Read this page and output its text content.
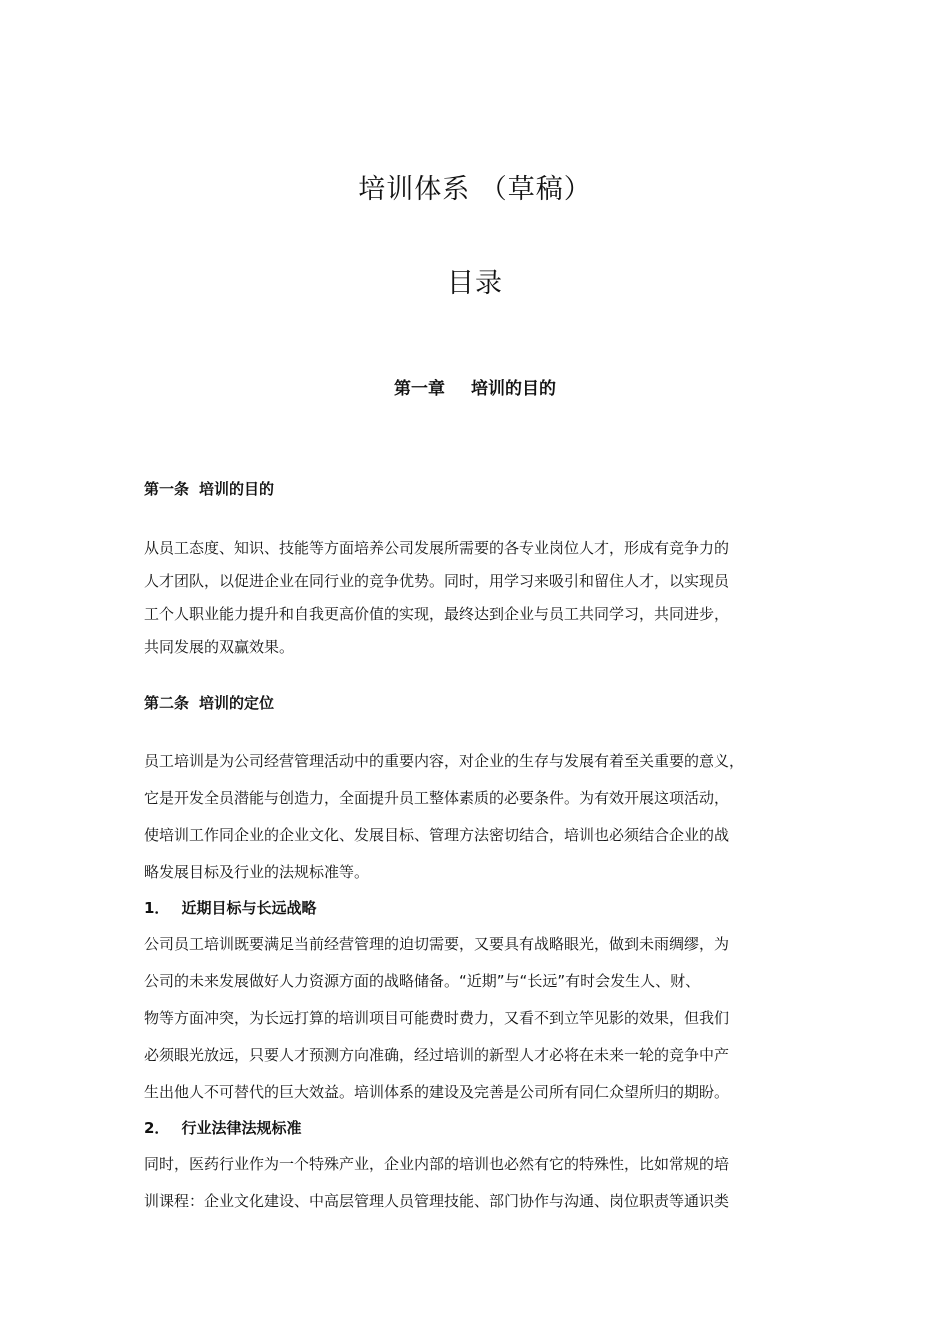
培训体系 （草稿）
目录
第一章 培训的目的

第一条 培训的目的

从员工态度、知识、技能等方面培养公司发展所需要的各专业岗位人才，形成有竞争力的

人才团队，以促进企业在同行业的竞争优势。同时，用学习来吸引和留住人才，以实现员

工个人职业能力提升和自我更高价值的实现，最终达到企业与员工共同学习，共同进步，

共同发展的双赢效果。

第二条 培训的定位

员工培训是为公司经营管理活动中的重要内容，对企业的生存与发展有着至关重要的意义，

它是开发全员潜能与创造力，全面提升员工整体素质的必要条件。为有效开展这项活动，

使培训工作同企业的企业文化、发展目标、管理方法密切结合，培训也必须结合企业的战

略发展目标及行业的法规标准等。

1． 近期目标与长远战略

公司员工培训既要满足当前经营管理的迫切需要，又要具有战略眼光，做到未雨绸缪，为

公司的未来发展做好人力资源方面的战略储备。“近期”与“长远”有时会发生人、财、

物等方面冲突，为长远打算的培训项目可能费时费力，又看不到立竿见影的效果，但我们

必须眼光放远，只要人才预测方向准确，经过培训的新型人才必将在未来一轮的竞争中产

生出他人不可替代的巨大效益。培训体系的建设及完善是公司所有同仁众望所归的期盼。

2． 行业法律法规标准

同时，医药行业作为一个特殊产业，企业内部的培训也必然有它的特殊性，比如常规的培

训课程：企业文化建设、中高层管理人员管理技能、部门协作与沟通、岗位职责等通识类
